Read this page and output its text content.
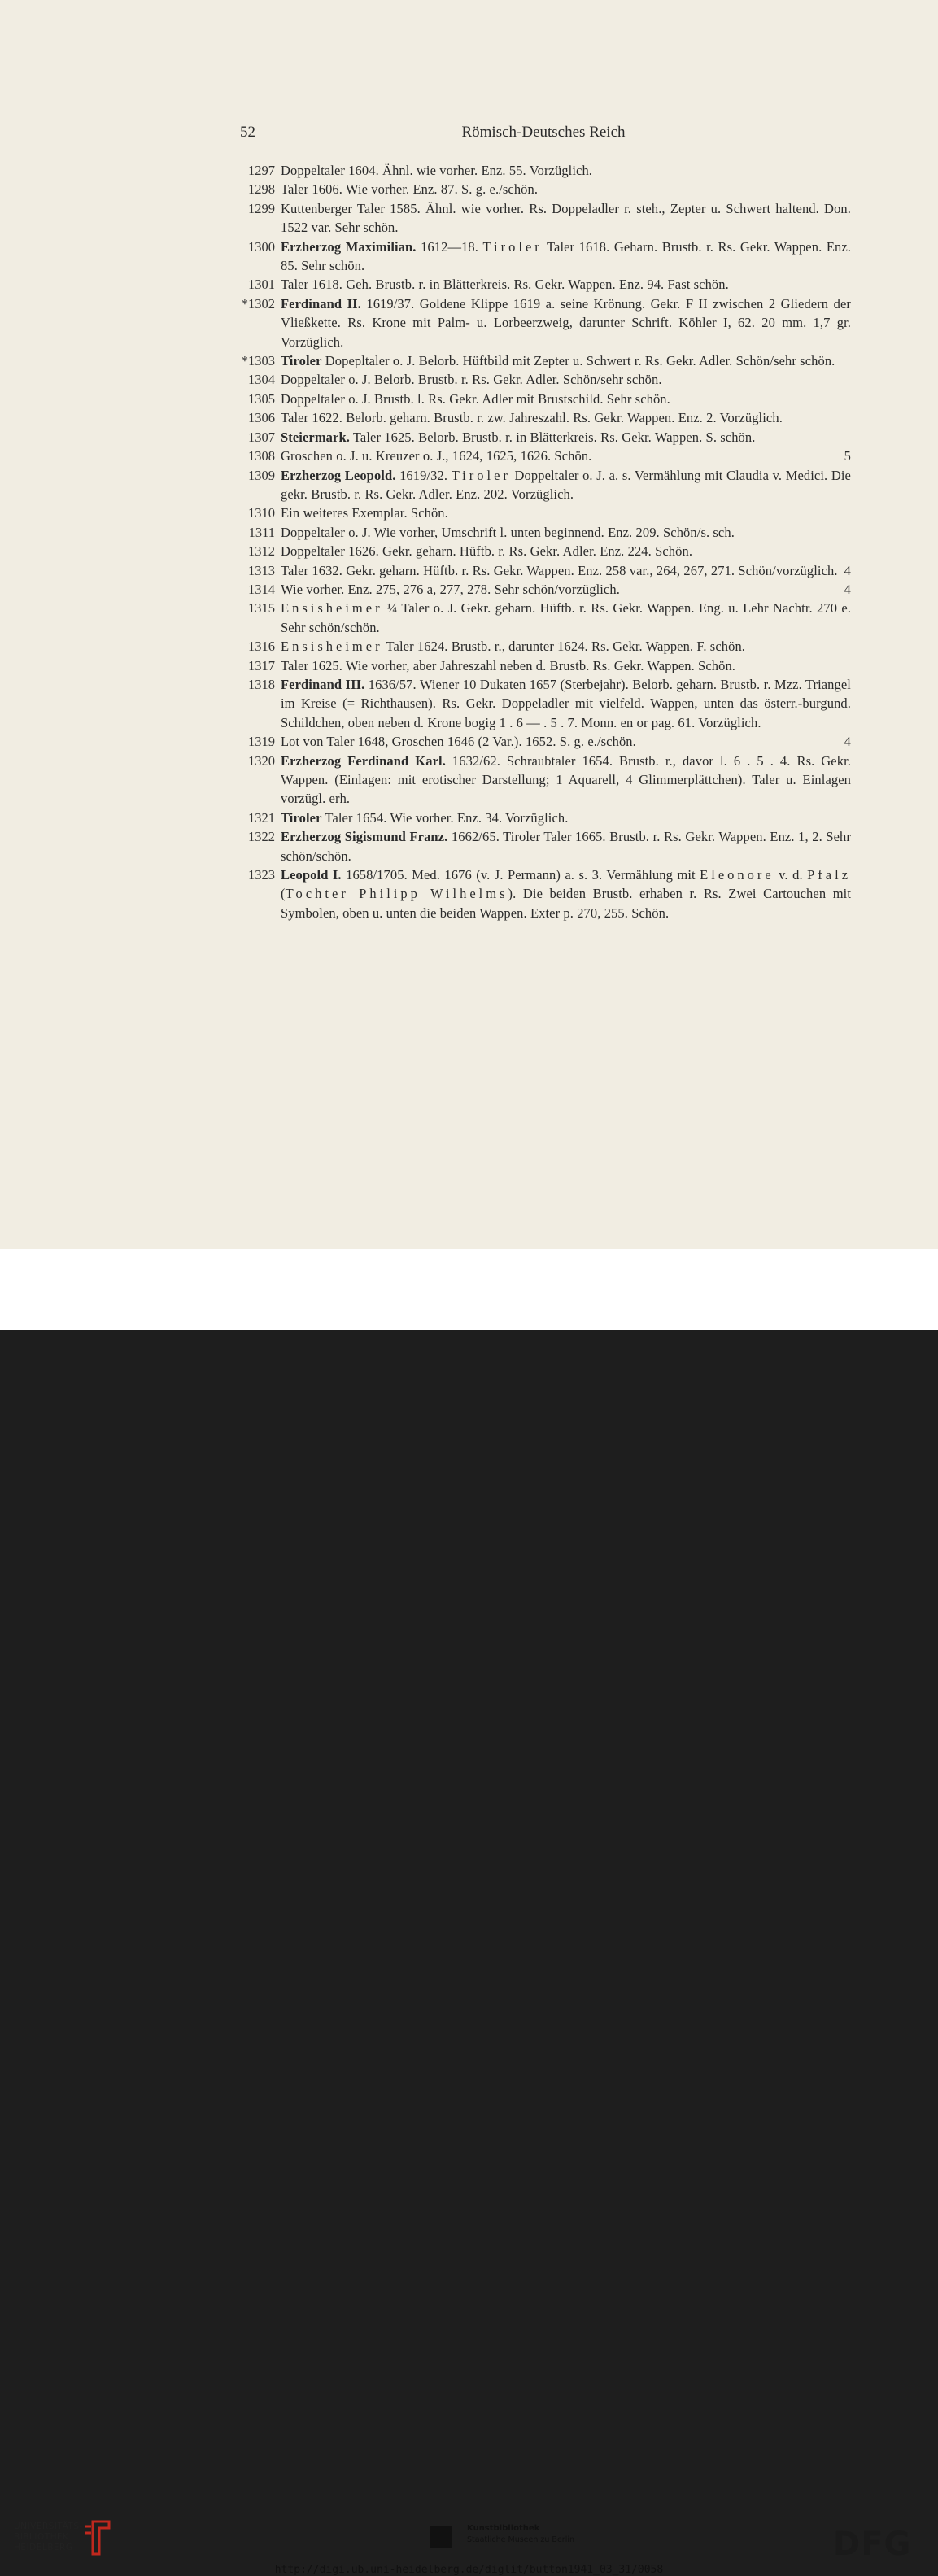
52	Römisch-Deutsches Reich
1297 Doppeltaler 1604. Ähnl. wie vorher. Enz. 55. Vorzüglich.
1298 Taler 1606. Wie vorher. Enz. 87. S. g. e./schön.
1299 Kuttenberger Taler 1585. Ähnl. wie vorher. Rs. Doppeladler r. steh., Zepter u. Schwert haltend. Don. 1522 var. Sehr schön.
1300 Erzherzog Maximilian. 1612—18. Tiroler Taler 1618. Geharn. Brustb. r. Rs. Gekr. Wappen. Enz. 85. Sehr schön.
1301 Taler 1618. Geh. Brustb. r. in Blätterkreis. Rs. Gekr. Wappen. Enz. 94. Fast schön.
*1302 Ferdinand II. 1619/37. Goldene Klippe 1619 a. seine Krönung. Gekr. F II zwischen 2 Gliedern der Vließkette. Rs. Krone mit Palm- u. Lorbeerzweig, darunter Schrift. Köhler I, 62. 20 mm. 1,7 gr. Vorzüglich.
*1303 Tiroler Dopepltaler o. J. Belorb. Hüftbild mit Zepter u. Schwert r. Rs. Gekr. Adler. Schön/sehr schön.
1304 Doppeltaler o. J. Belorb. Brustb. r. Rs. Gekr. Adler. Schön/sehr schön.
1305 Doppeltaler o. J. Brustb. l. Rs. Gekr. Adler mit Brustschild. Sehr schön.
1306 Taler 1622. Belorb. geharn. Brustb. r. zw. Jahreszahl. Rs. Gekr. Wappen. Enz. 2. Vorzüglich.
1307 Steiermark. Taler 1625. Belorb. Brustb. r. in Blätterkreis. Rs. Gekr. Wappen. S. schön.
1308 Groschen o. J. u. Kreuzer o. J., 1624, 1625, 1626. Schön.	5
1309 Erzherzog Leopold. 1619/32. Tiroler Doppeltaler o. J. a. s. Vermählung mit Claudia v. Medici. Die gekr. Brustb. r. Rs. Gekr. Adler. Enz. 202. Vorzüglich.
1310 Ein weiteres Exemplar. Schön.
1311 Doppeltaler o. J. Wie vorher, Umschrift l. unten beginnend. Enz. 209. Schön/s. sch.
1312 Doppeltaler 1626. Gekr. geharn. Hüftb. r. Rs. Gekr. Adler. Enz. 224. Schön.
1313 Taler 1632. Gekr. geharn. Hüftb. r. Rs. Gekr. Wappen. Enz. 258 var., 264, 267, 271. Schön/vorzüglich. 4
1314 Wie vorher. Enz. 275, 276 a, 277, 278. Sehr schön/vorzüglich.	4
1315 Ensisheimer ¼ Taler o. J. Gekr. geharn. Hüftb. r. Rs. Gekr. Wappen. Eng. u. Lehr Nachtr. 270 e. Sehr schön/schön.
1316 Ensisheimer Taler 1624. Brustb. r., darunter 1624. Rs. Gekr. Wappen. F. schön.
1317 Taler 1625. Wie vorher, aber Jahreszahl neben d. Brustb. Rs. Gekr. Wappen. Schön.
1318 Ferdinand III. 1636/57. Wiener 10 Dukaten 1657 (Sterbejahr). Belorb. geharn. Brustb. r. Mzz. Triangel im Kreise (= Richthausen). Rs. Gekr. Doppeladler mit vielfeld. Wappen, unten das österr.-burgund. Schildchen, oben neben d. Krone bogig 1 . 6 — . 5 . 7. Monn. en or pag. 61. Vorzüglich.
1319 Lot von Taler 1648, Groschen 1646 (2 Var.). 1652. S. g. e./schön.	4
1320 Erzherzog Ferdinand Karl. 1632/62. Schraubtaler 1654. Brustb. r., davor l. 6 . 5 . 4. Rs. Gekr. Wappen. (Einlagen: mit erotischer Darstellung; 1 Aquarell, 4 Glimmerplättchen). Taler u. Einlagen vorzügl. erh.
1321 Tiroler Taler 1654. Wie vorher. Enz. 34. Vorzüglich.
1322 Erzherzog Sigismund Franz. 1662/65. Tiroler Taler 1665. Brustb. r. Rs. Gekr. Wappen. Enz. 1, 2. Sehr schön/schön.
1323 Leopold I. 1658/1705. Med. 1676 (v. J. Permann) a. s. 3. Vermählung mit Eleonore v. d. Pfalz (Tochter Philipp Wilhelms). Die beiden Brustb. erhaben r. Rs. Zwei Cartouchen mit Symbolen, oben u. unten die beiden Wappen. Exter p. 270, 255. Schön.
UNIVERSITÄTS-
BIBLIOTHEK
HEIDELBERG
Kunstbibliothek
Staatliche Museen zu Berlin	DFG
http://digi.ub.uni-heidelberg.de/diglit/button1941_03_31/0058
